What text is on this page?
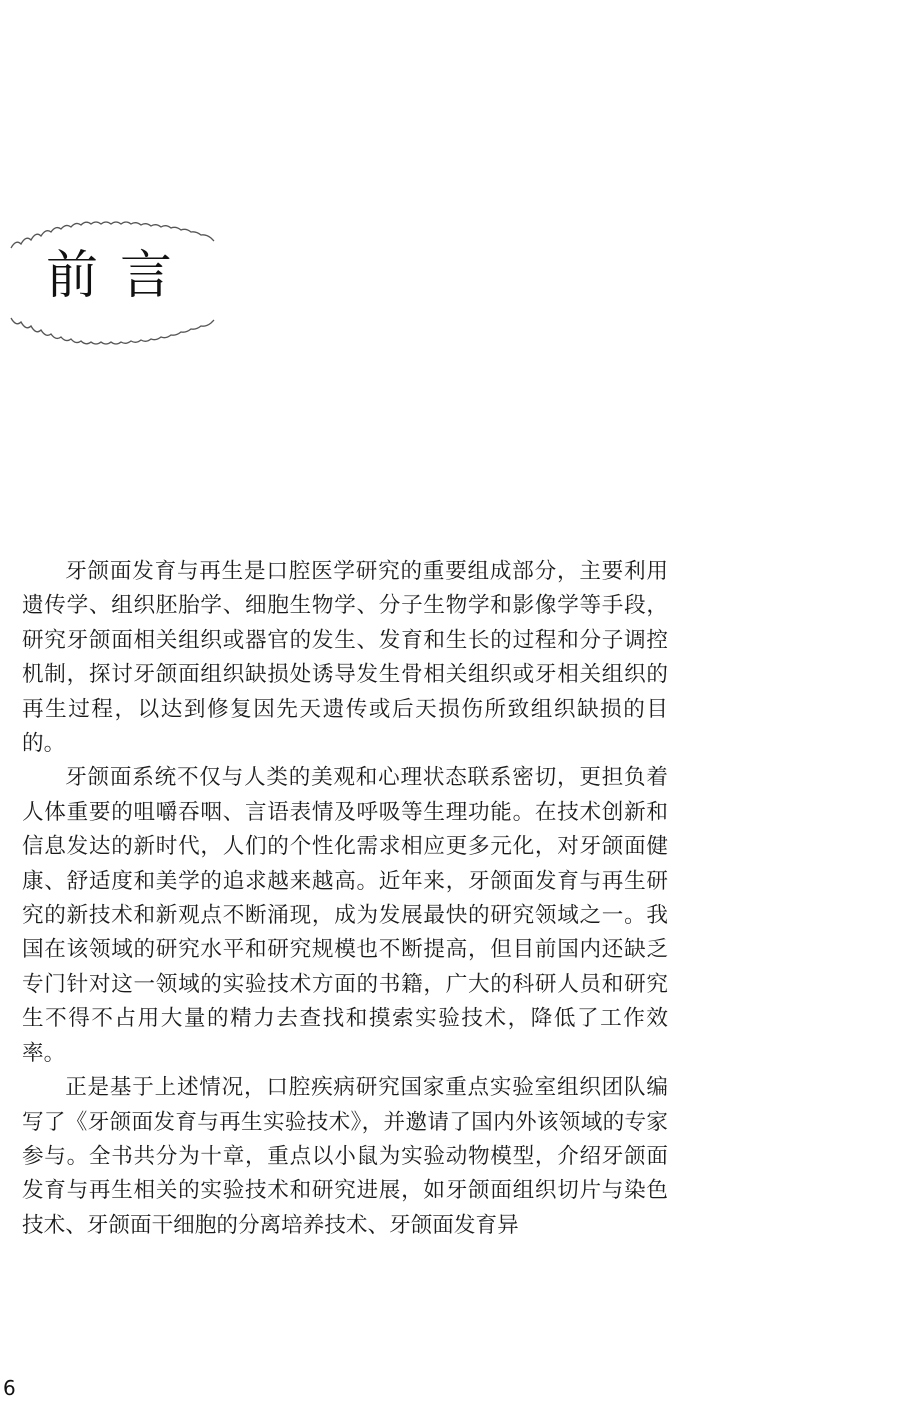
前言

牙颌面发育与再生是口腔医学研究的重要组成部分，主要利用遗传学、组织胚胎学、细胞生物学、分子生物学和影像学等手段，研究牙颌面相关组织或器官的发生、发育和生长的过程和分子调控机制，探讨牙颌面组织缺损处诱导发生骨相关组织或牙相关组织的再生过程，以达到修复因先天遗传或后天损伤所致组织缺损的目的。

牙颌面系统不仅与人类的美观和心理状态联系密切，更担负着人体重要的咀嚼吞咽、言语表情及呼吸等生理功能。在技术创新和信息发达的新时代，人们的个性化需求相应更多元化，对牙颌面健康、舒适度和美学的追求越来越高。近年来，牙颌面发育与再生研究的新技术和新观点不断涌现，成为发展最快的研究领域之一。我国在该领域的研究水平和研究规模也不断提高，但目前国内还缺乏专门针对这一领域的实验技术方面的书籍，广大的科研人员和研究生不得不占用大量的精力去查找和摸索实验技术，降低了工作效率。

正是基于上述情况，口腔疾病研究国家重点实验室组织团队编写了《牙颌面发育与再生实验技术》，并邀请了国内外该领域的专家参与。全书共分为十章，重点以小鼠为实验动物模型，介绍牙颌面发育与再生相关的实验技术和研究进展，如牙颌面组织切片与染色技术、牙颌面干细胞的分离培养技术、牙颌面发育异

6
